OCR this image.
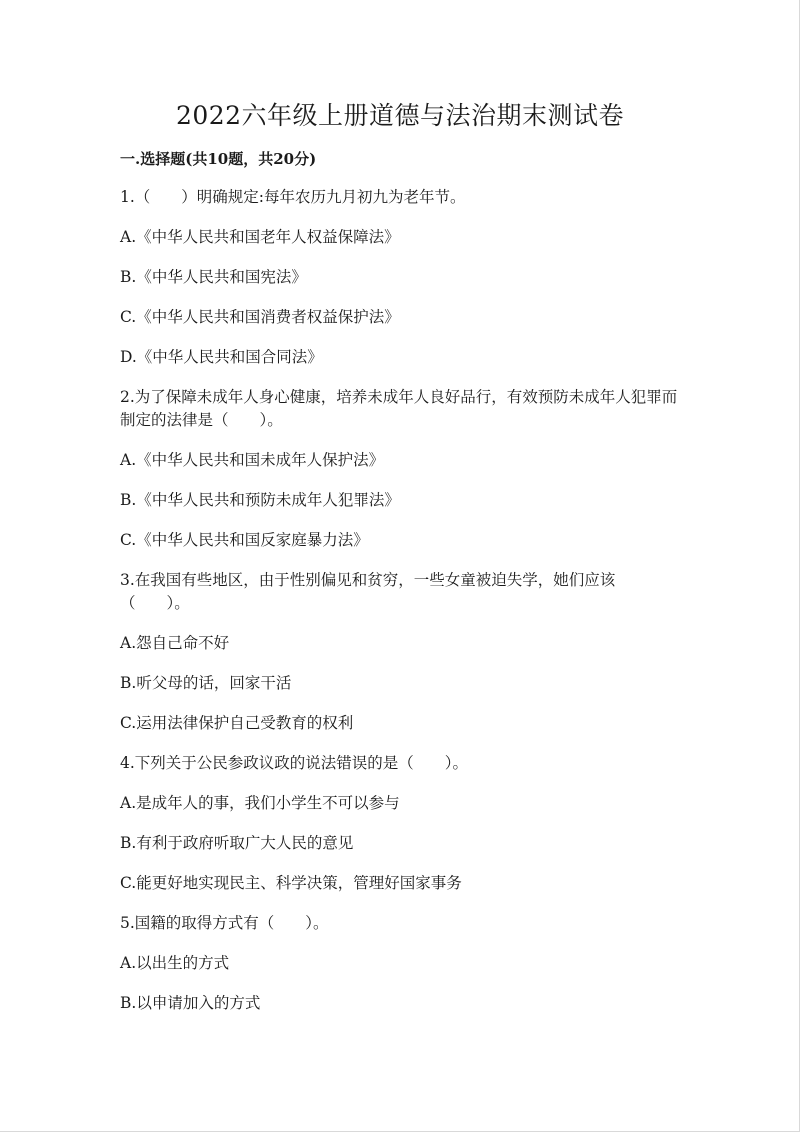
2022六年级上册道德与法治期末测试卷

一.选择题(共10题，共20分)

1.（　　）明确规定:每年农历九月初九为老年节。

A.《中华人民共和国老年人权益保障法》

B.《中华人民共和国宪法》

C.《中华人民共和国消费者权益保护法》

D.《中华人民共和国合同法》

2.为了保障未成年人身心健康，培养未成年人良好品行，有效预防未成年人犯罪而制定的法律是（　　）。

A.《中华人民共和国未成年人保护法》

B.《中华人民共和预防未成年人犯罪法》

C.《中华人民共和国反家庭暴力法》

3.在我国有些地区，由于性别偏见和贫穷，一些女童被迫失学，她们应该（　　）。

A.怨自己命不好

B.听父母的话，回家干活

C.运用法律保护自己受教育的权利

4.下列关于公民参政议政的说法错误的是（　　）。

A.是成年人的事，我们小学生不可以参与

B.有利于政府听取广大人民的意见

C.能更好地实现民主、科学决策，管理好国家事务

5.国籍的取得方式有（　　）。

A.以出生的方式

B.以申请加入的方式
